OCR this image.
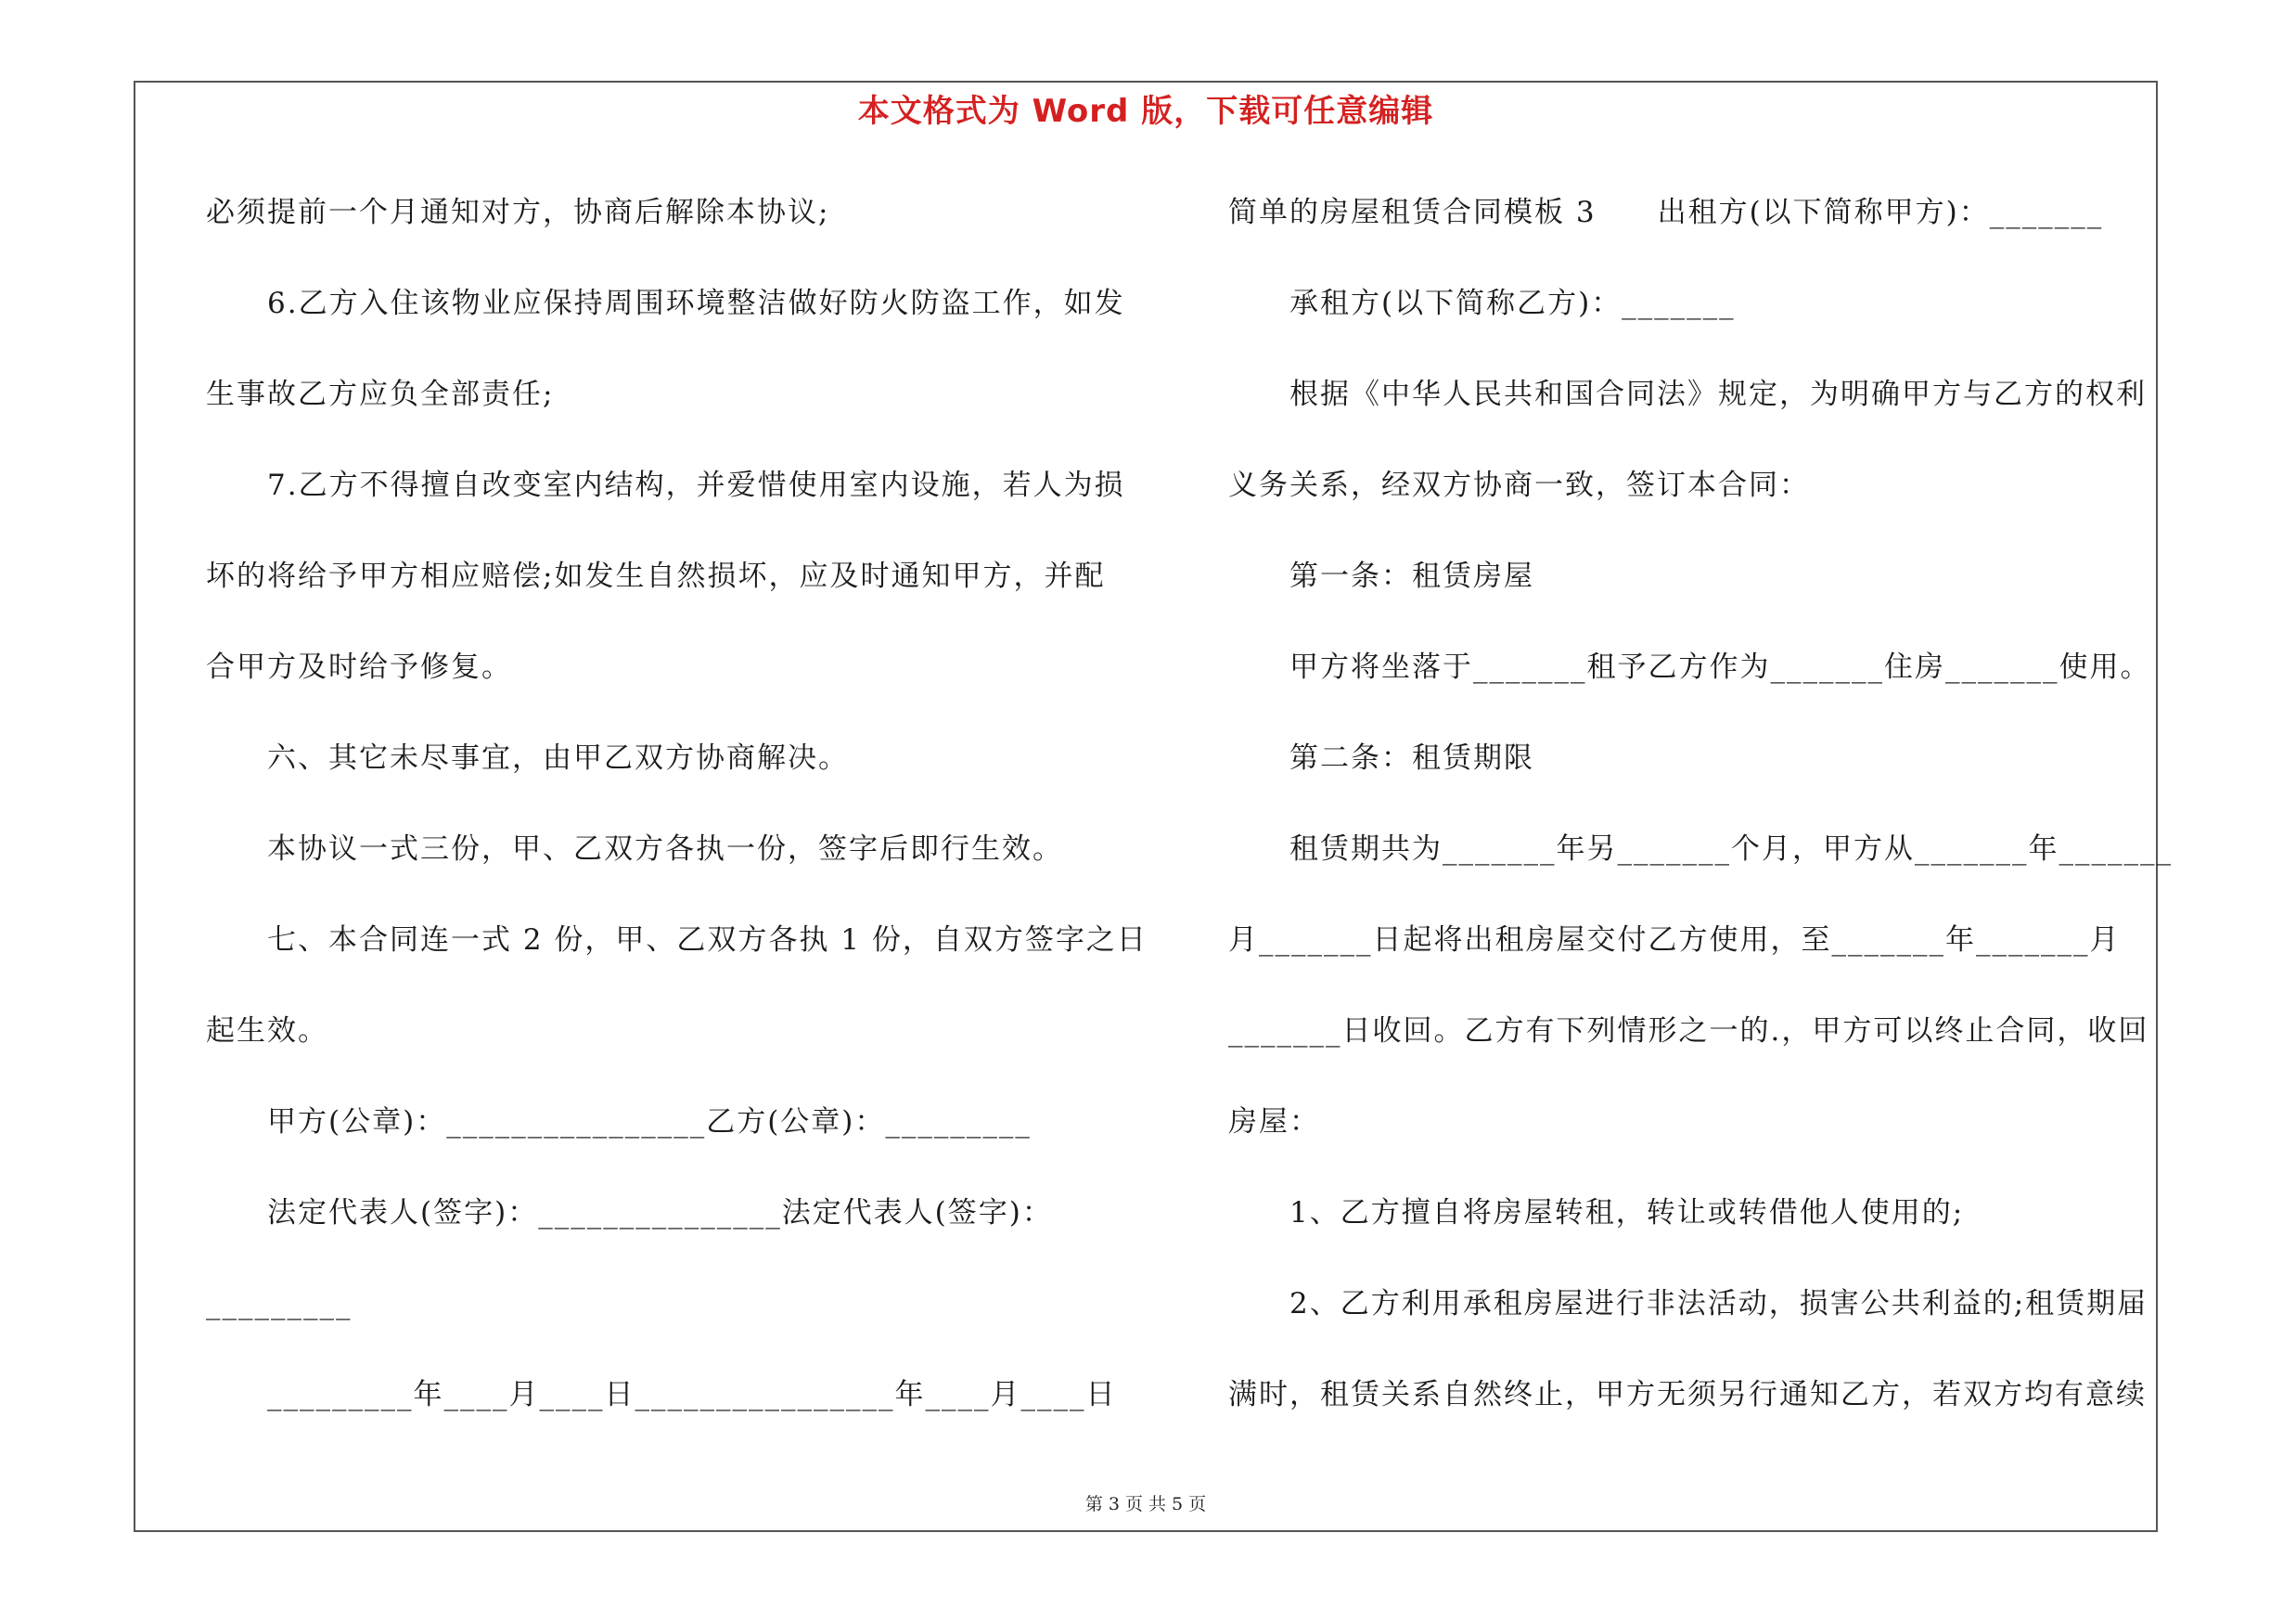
本文格式为 Word 版，下载可任意编辑
必须提前一个月通知对方，协商后解除本协议;
6.乙方入住该物业应保持周围环境整洁做好防火防盗工作，如发
生事故乙方应负全部责任;
7.乙方不得擅自改变室内结构，并爱惜使用室内设施，若人为损
坏的将给予甲方相应赔偿;如发生自然损坏，应及时通知甲方，并配
合甲方及时给予修复。
六、其它未尽事宜，由甲乙双方协商解决。
本协议一式三份，甲、乙双方各执一份，签字后即行生效。
七、本合同连一式 2 份，甲、乙双方各执 1 份，自双方签字之日
起生效。
甲方(公章)：________________乙方(公章)：_________
法定代表人(签字)：_______________法定代表人(签字)：
_________
_________年____月____日________________年____月____日
简单的房屋租赁合同模板 3　　出租方(以下简称甲方)：_______
承租方(以下简称乙方)：_______
根据《中华人民共和国合同法》规定，为明确甲方与乙方的权利
义务关系，经双方协商一致，签订本合同：
第一条：租赁房屋
甲方将坐落于_______租予乙方作为_______住房_______使用。
第二条：租赁期限
租赁期共为_______年另_______个月，甲方从_______年_______
月_______日起将出租房屋交付乙方使用，至_______年_______月
_______日收回。乙方有下列情形之一的.，甲方可以终止合同，收回
房屋：
1、乙方擅自将房屋转租，转让或转借他人使用的;
2、乙方利用承租房屋进行非法活动，损害公共利益的;租赁期届
满时，租赁关系自然终止，甲方无须另行通知乙方，若双方均有意续
第 3 页 共 5 页
